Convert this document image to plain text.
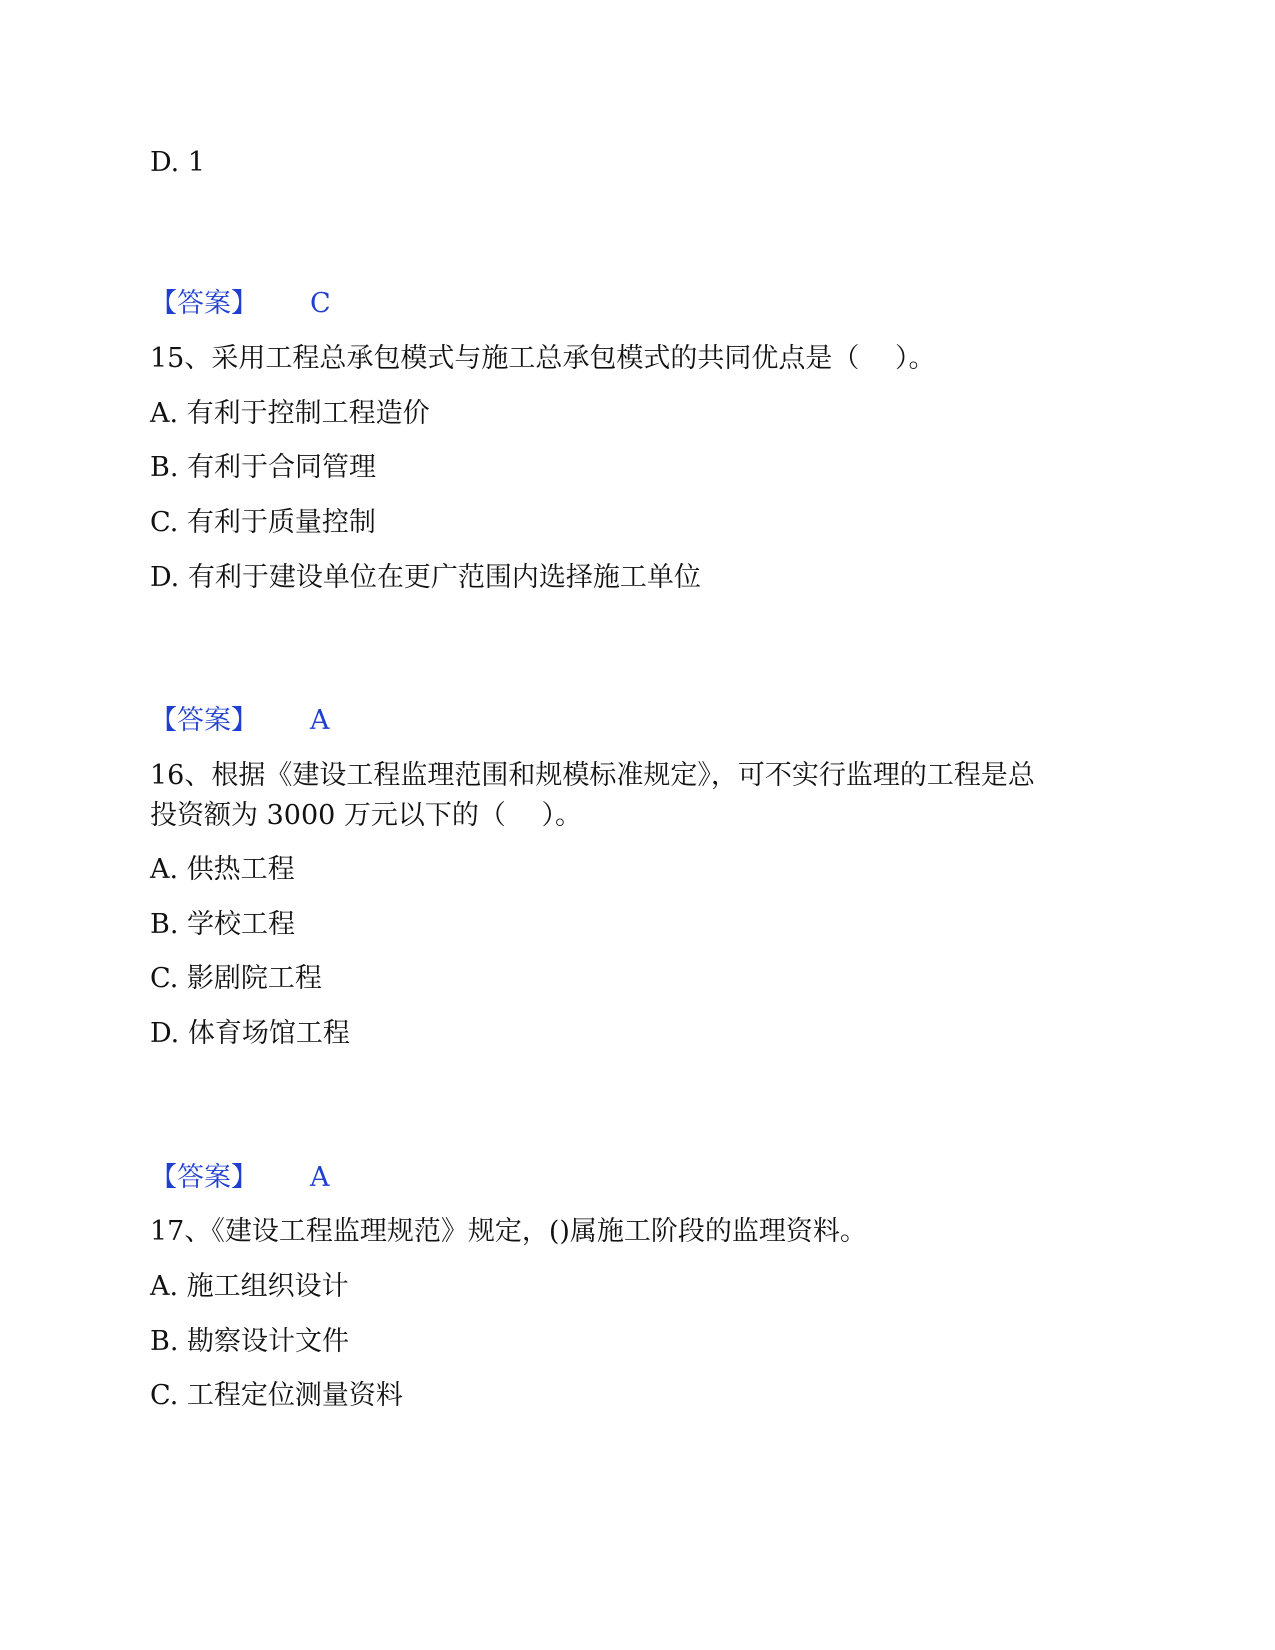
D. 1
【答案】 C
15、采用工程总承包模式与施工总承包模式的共同优点是（　 ）。
A. 有利于控制工程造价
B. 有利于合同管理
C. 有利于质量控制
D. 有利于建设单位在更广范围内选择施工单位
【答案】 A
16、根据《建设工程监理范围和规模标准规定》，可不实行监理的工程是总
投资额为 3000 万元以下的（　 ）。
A. 供热工程
B. 学校工程
C. 影剧院工程
D. 体育场馆工程
【答案】 A
17、《建设工程监理规范》规定，()属施工阶段的监理资料。
A. 施工组织设计
B. 勘察设计文件
C. 工程定位测量资料
